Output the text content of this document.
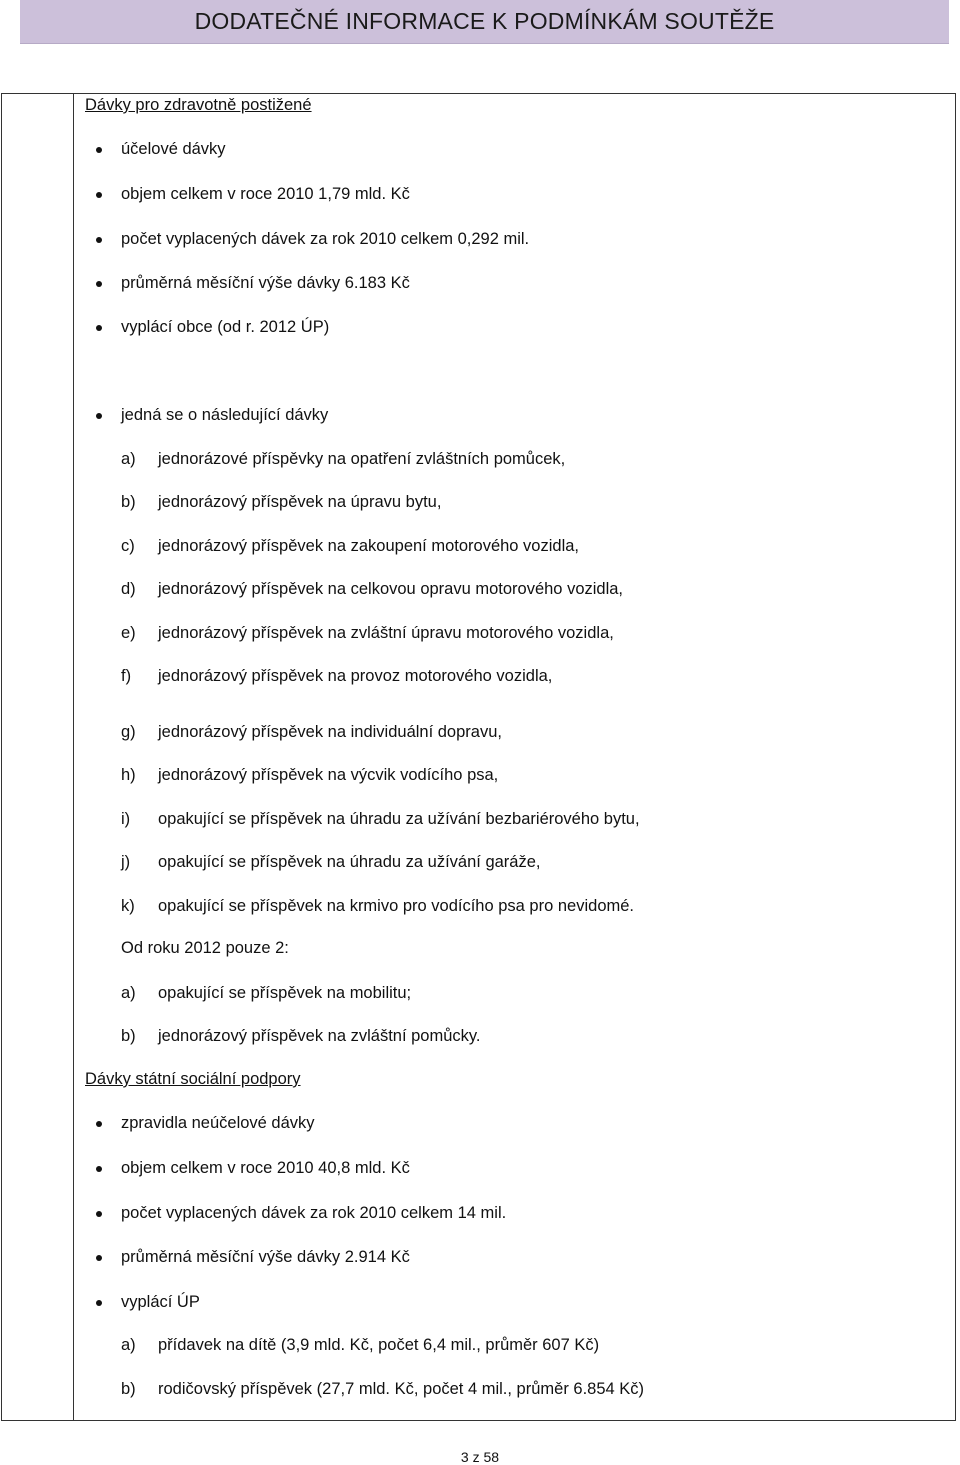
DODATEČNÉ INFORMACE K PODMÍNKÁM SOUTĚŽE
Dávky pro zdravotně postižené
účelové dávky
objem celkem v roce 2010 1,79 mld. Kč
počet vyplacených dávek za rok 2010 celkem 0,292 mil.
průměrná měsíční výše dávky 6.183 Kč
vyplácí obce (od r. 2012 ÚP)
jedná se o následující dávky
a) jednorázové příspěvky na opatření zvláštních pomůcek,
b) jednorázový příspěvek na úpravu bytu,
c) jednorázový příspěvek na zakoupení motorového vozidla,
d) jednorázový příspěvek na celkovou opravu motorového vozidla,
e) jednorázový příspěvek na zvláštní úpravu motorového vozidla,
f) jednorázový příspěvek na provoz motorového vozidla,
g) jednorázový příspěvek na individuální dopravu,
h) jednorázový příspěvek na výcvik vodícího psa,
i) opakující se příspěvek na úhradu za užívání bezbariérového bytu,
j) opakující se příspěvek na úhradu za užívání garáže,
k) opakující se příspěvek na krmivo pro vodícího psa pro nevidomé.
Od roku 2012 pouze 2:
a) opakující se příspěvek na mobilitu;
b) jednorázový příspěvek na zvláštní pomůcky.
Dávky státní sociální podpory
zpravidla neúčelové dávky
objem celkem v roce 2010 40,8 mld. Kč
počet vyplacených dávek za rok 2010 celkem 14 mil.
průměrná měsíční výše dávky 2.914 Kč
vyplácí ÚP
a) přídavek na dítě (3,9 mld. Kč, počet 6,4 mil., průměr 607 Kč)
b) rodičovský příspěvek (27,7 mld. Kč, počet 4 mil., průměr 6.854 Kč)
3 z 58
